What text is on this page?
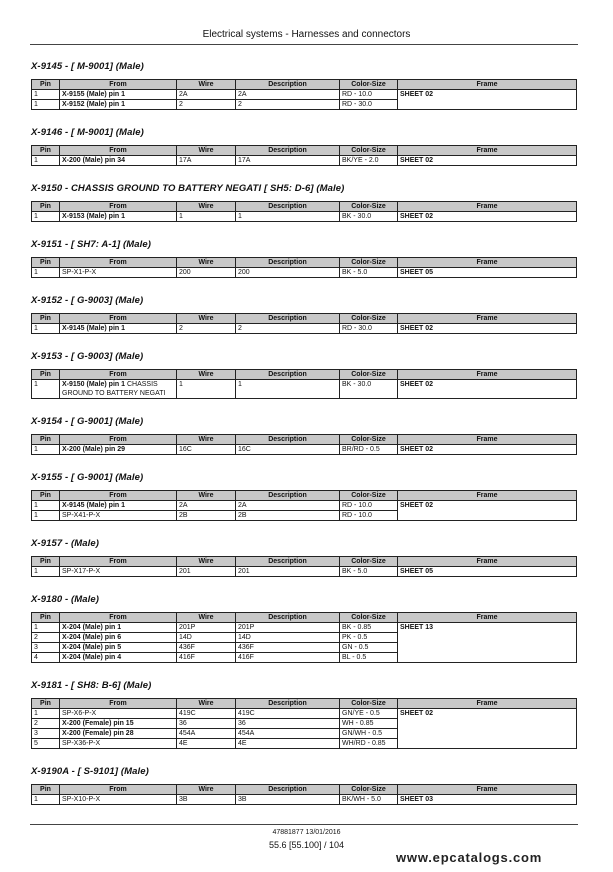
Electrical systems - Harnesses and connectors
X-9145 - [ M-9001] (Male)
Pin	From	Wire	Description	Color-Size	Frame
1	X-9155 (Male) pin 1	2A	2A	RD - 10.0	SHEET 02
1	X-9152 (Male) pin 1	2	2	RD - 30.0	
X-9146 - [ M-9001] (Male)
Pin	From	Wire	Description	Color-Size	Frame
1	X-200 (Male) pin 34	17A	17A	BK/YE - 2.0	SHEET 02
X-9150 - CHASSIS GROUND TO BATTERY NEGATI [ SH5: D-6] (Male)
Pin	From	Wire	Description	Color-Size	Frame
1	X-9153 (Male) pin 1	1	1	BK - 30.0	SHEET 02
X-9151 - [ SH7: A-1] (Male)
Pin	From	Wire	Description	Color-Size	Frame
1	SP-X1-P-X	200	200	BK - 5.0	SHEET 05
X-9152 - [ G-9003] (Male)
Pin	From	Wire	Description	Color-Size	Frame
1	X-9145 (Male) pin 1	2	2	RD - 30.0	SHEET 02
X-9153 - [ G-9003] (Male)
Pin	From	Wire	Description	Color-Size	Frame
1	X-9150 (Male) pin 1 CHASSIS GROUND TO BATTERY NEGATI	1	1	BK - 30.0	SHEET 02
X-9154 - [ G-9001] (Male)
Pin	From	Wire	Description	Color-Size	Frame
1	X-200 (Male) pin 29	16C	16C	BR/RD - 0.5	SHEET 02
X-9155 - [ G-9001] (Male)
Pin	From	Wire	Description	Color-Size	Frame
1	X-9145 (Male) pin 1	2A	2A	RD - 10.0	SHEET 02
1	SP-X41-P-X	2B	2B	RD - 10.0	
X-9157 - (Male)
Pin	From	Wire	Description	Color-Size	Frame
1	SP-X17-P-X	201	201	BK - 5.0	SHEET 05
X-9180 - (Male)
Pin	From	Wire	Description	Color-Size	Frame
1	X-204 (Male) pin 1	201P	201P	BK - 0.85	SHEET 13
2	X-204 (Male) pin 6	14D	14D	PK - 0.5	
3	X-204 (Male) pin 5	436F	436F	GN - 0.5	
4	X-204 (Male) pin 4	416F	416F	BL - 0.5	
X-9181 - [ SH8: B-6] (Male)
Pin	From	Wire	Description	Color-Size	Frame
1	SP-X6-P-X	419C	419C	GN/YE - 0.5	SHEET 02
2	X-200 (Female) pin 15	36	36	WH - 0.85	
3	X-200 (Female) pin 28	454A	454A	GN/WH - 0.5	
5	SP-X36-P-X	4E	4E	WH/RD - 0.85	
X-9190A - [ S-9101] (Male)
Pin	From	Wire	Description	Color-Size	Frame
1	SP-X10-P-X	3B	3B	BK/WH - 5.0	SHEET 03
47881877 13/01/2016
55.6 [55.100] / 104
www.epcatalogs.com
